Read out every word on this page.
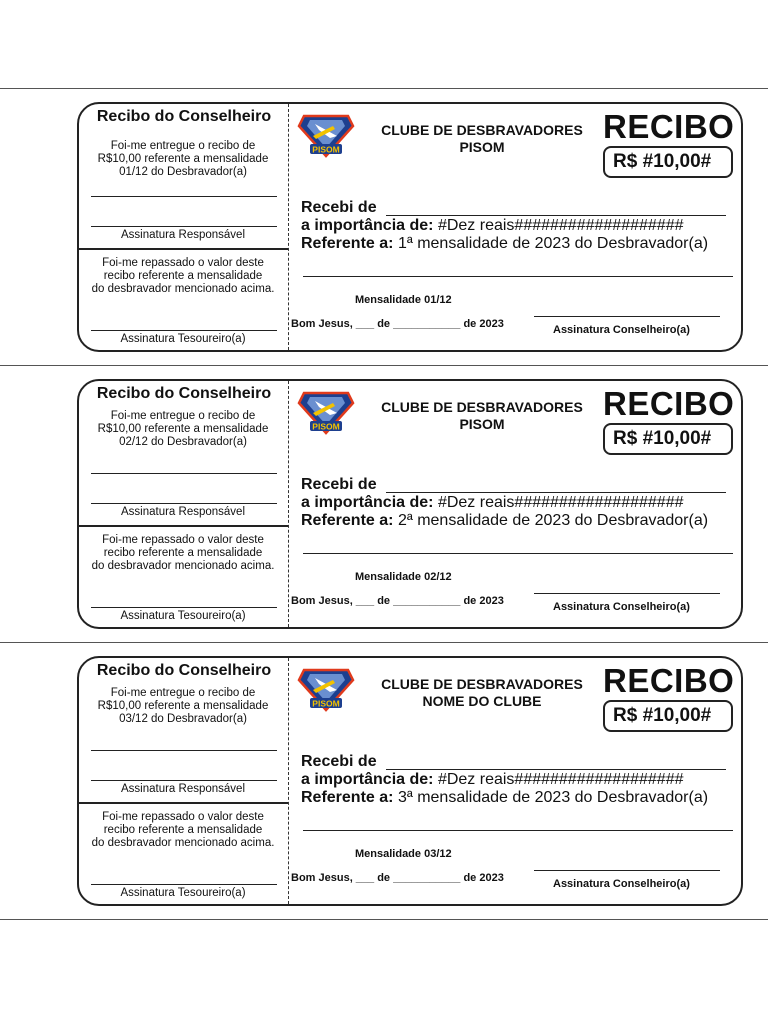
Recibo do Conselheiro
Foi-me entregue o recibo de
R$10,00 referente a mensalidade
01/12 do Desbravador(a)
Assinatura Responsável
Foi-me repassado o valor deste
recibo referente a mensalidade
do desbravador mencionado acima.
Assinatura Tesoureiro(a)
PISOM
CLUBE DE DESBRAVADORES
PISOM
RECIBO
R$ #10,00#
Recebi de
a importância de: #Dez reais###################
Referente a: 1ª mensalidade de 2023 do Desbravador(a)
Mensalidade 01/12
Bom Jesus, ___ de ___________ de 2023	Assinatura Conselheiro(a)
Recibo do Conselheiro
Foi-me entregue o recibo de
R$10,00 referente a mensalidade
02/12 do Desbravador(a)
Assinatura Responsável
Foi-me repassado o valor deste
recibo referente a mensalidade
do desbravador mencionado acima.
Assinatura Tesoureiro(a)
PISOM
CLUBE DE DESBRAVADORES
PISOM
RECIBO
R$ #10,00#
Recebi de
a importância de: #Dez reais###################
Referente a: 2ª mensalidade de 2023 do Desbravador(a)
Mensalidade 02/12
Bom Jesus, ___ de ___________ de 2023	Assinatura Conselheiro(a)
Recibo do Conselheiro
Foi-me entregue o recibo de
R$10,00 referente a mensalidade
03/12 do Desbravador(a)
Assinatura Responsável
Foi-me repassado o valor deste
recibo referente a mensalidade
do desbravador mencionado acima.
Assinatura Tesoureiro(a)
PISOM
CLUBE DE DESBRAVADORES
NOME DO CLUBE
RECIBO
R$ #10,00#
Recebi de
a importância de: #Dez reais###################
Referente a: 3ª mensalidade de 2023 do Desbravador(a)
Mensalidade 03/12
Bom Jesus, ___ de ___________ de 2023	Assinatura Conselheiro(a)
